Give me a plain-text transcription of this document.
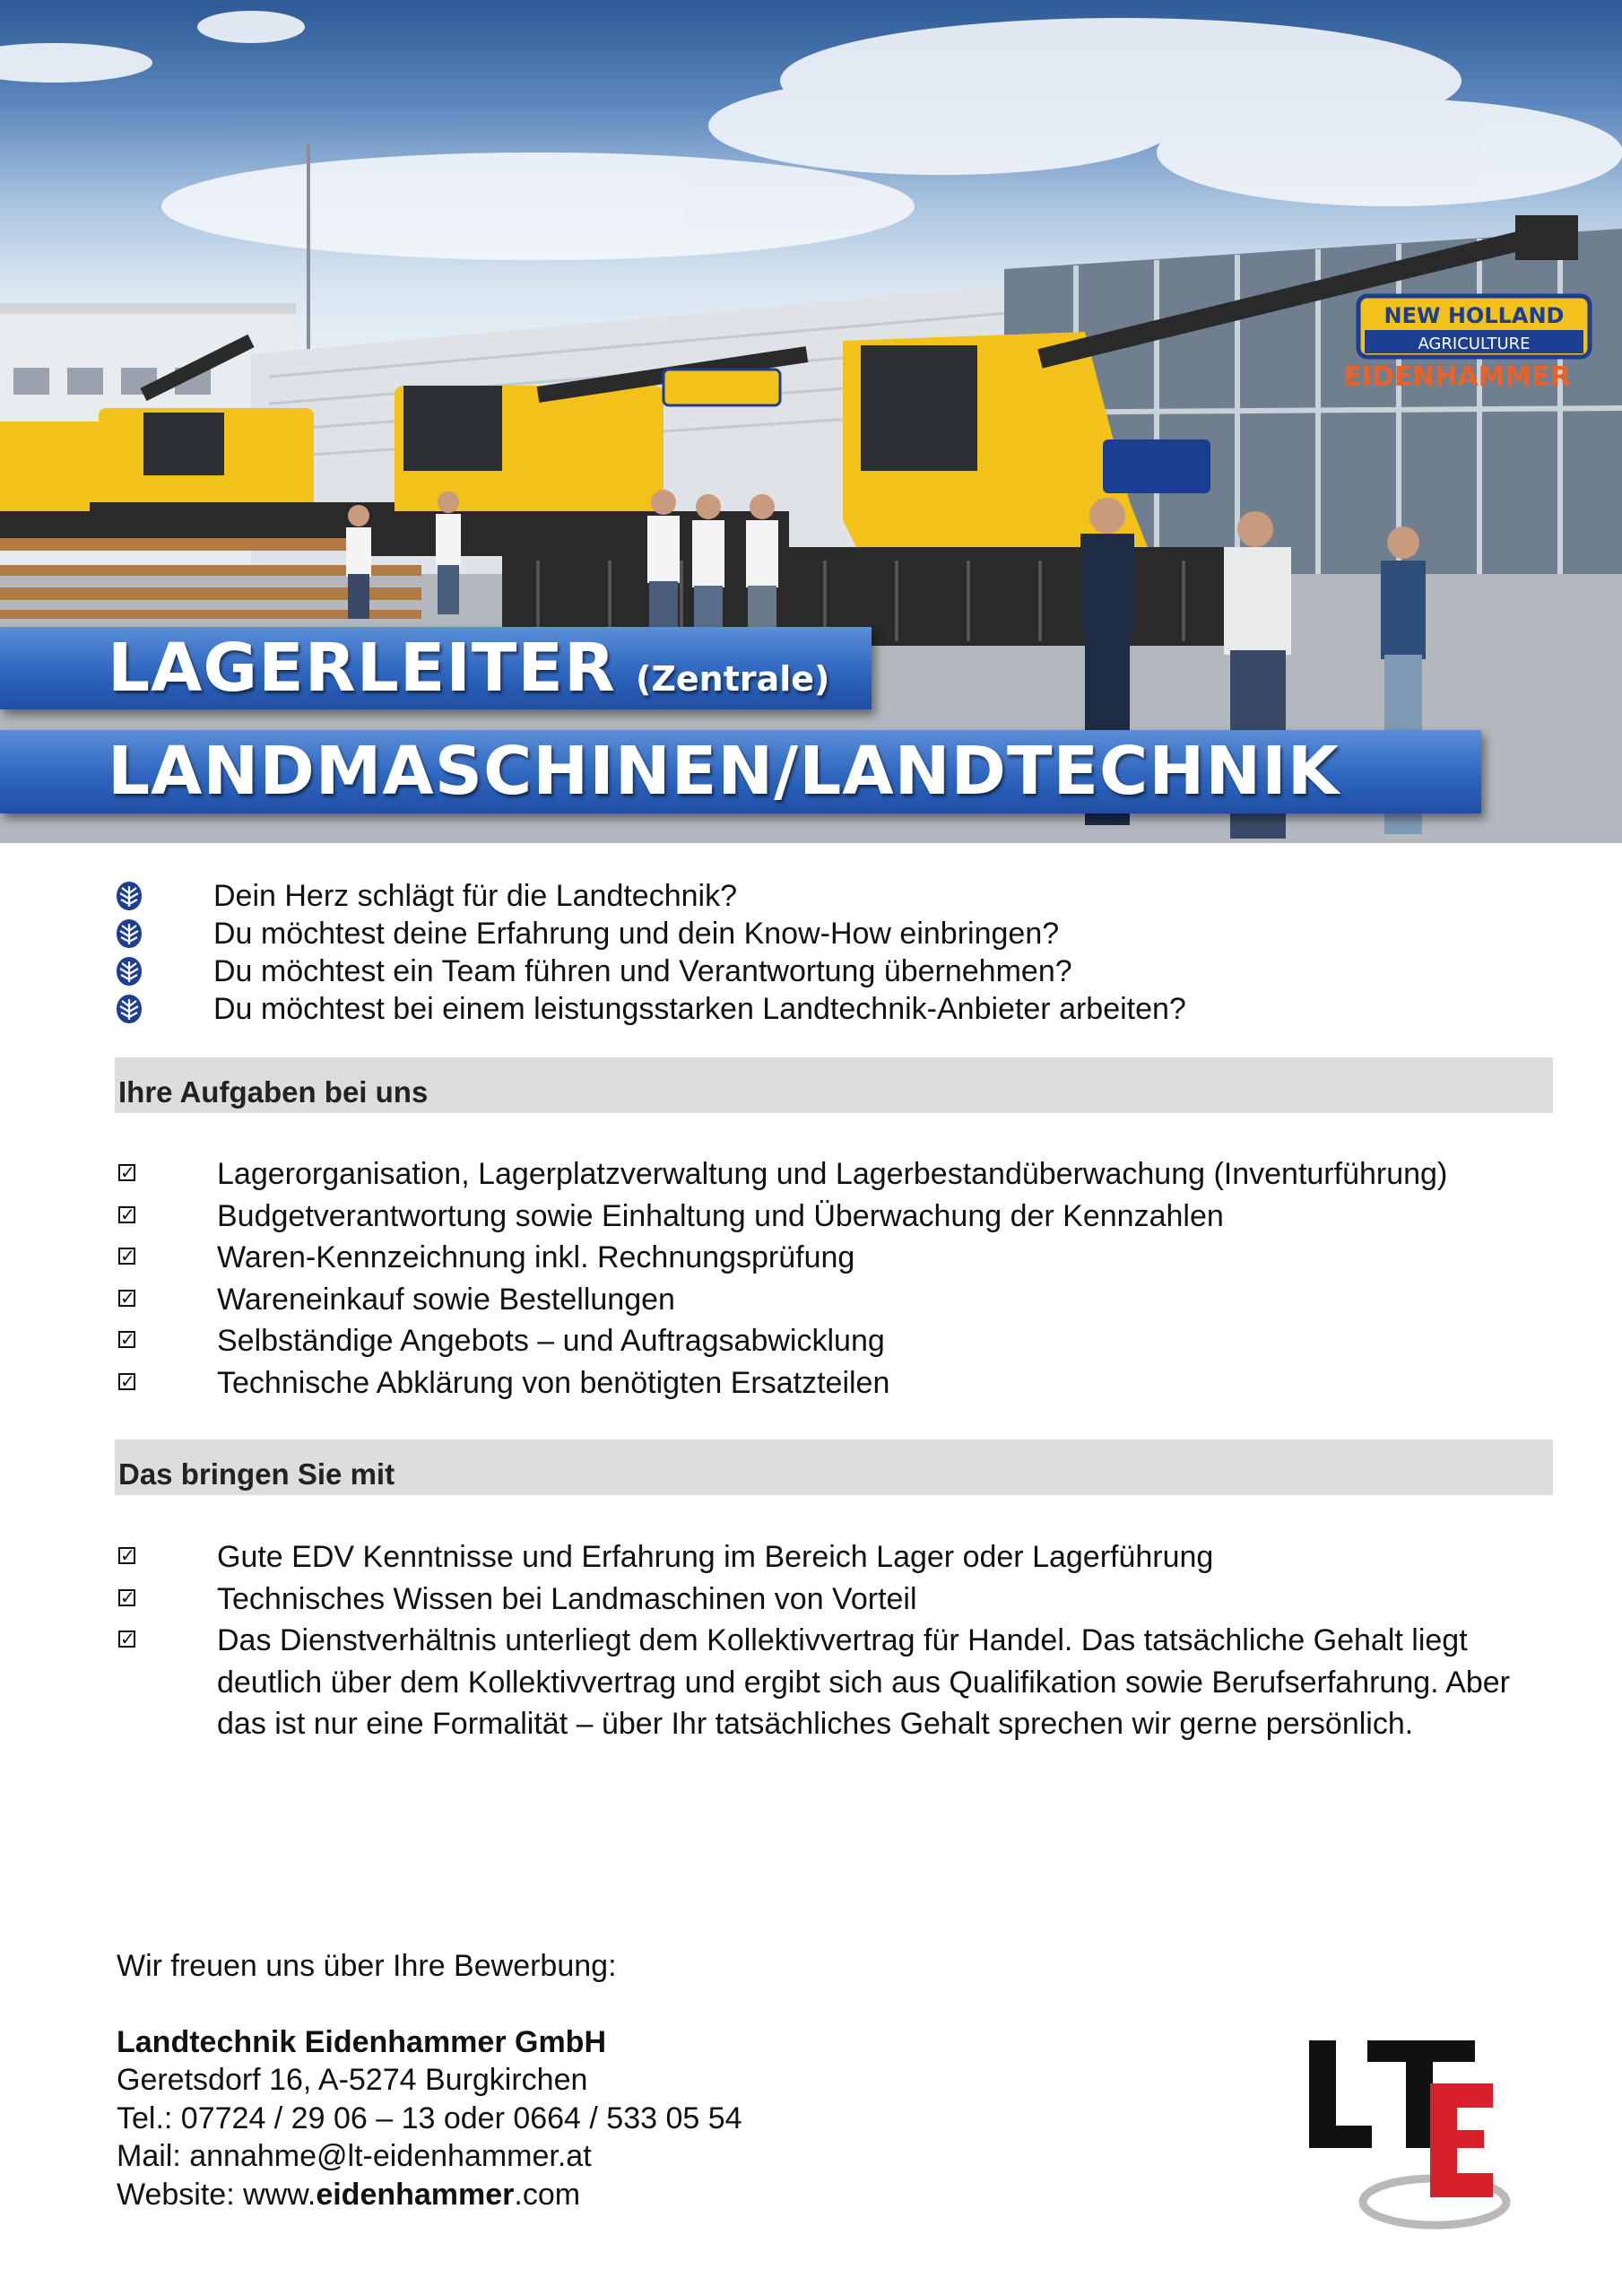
NEW HOLLAND
AGRICULTURE
EIDENHAMMER
LAGERLEITER (Zentrale)
LANDMASCHINEN/LANDTECHNIK
Dein Herz schlägt für die Landtechnik?
Du möchtest deine Erfahrung und dein Know-How einbringen?
Du möchtest ein Team führen und Verantwortung übernehmen?
Du möchtest bei einem leistungsstarken Landtechnik-Anbieter arbeiten?
Ihre Aufgaben bei uns
✓	Lagerorganisation, Lagerplatzverwaltung und Lagerbestandüberwachung (Inventurführung)
✓	Budgetverantwortung sowie Einhaltung und Überwachung der Kennzahlen
✓	Waren-Kennzeichnung inkl. Rechnungsprüfung
✓	Wareneinkauf sowie Bestellungen
✓	Selbständige Angebots – und Auftragsabwicklung
✓	Technische Abklärung von benötigten Ersatzteilen
Das bringen Sie mit
✓	Gute EDV Kenntnisse und Erfahrung im Bereich Lager oder Lagerführung
✓	Technisches Wissen bei Landmaschinen von Vorteil
✓	Das Dienstverhältnis unterliegt dem Kollektivvertrag für Handel. Das tatsächliche Gehalt liegt deutlich über dem Kollektivvertrag und ergibt sich aus Qualifikation sowie Berufserfahrung. Aber das ist nur eine Formalität – über Ihr tatsächliches Gehalt sprechen wir gerne persönlich.
Wir freuen uns über Ihre Bewerbung:
Landtechnik Eidenhammer GmbH
Geretsdorf 16, A-5274 Burgkirchen
Tel.: 07724 / 29 06 – 13 oder 0664 / 533 05 54
Mail: annahme@lt-eidenhammer.at
Website: www.eidenhammer.com
